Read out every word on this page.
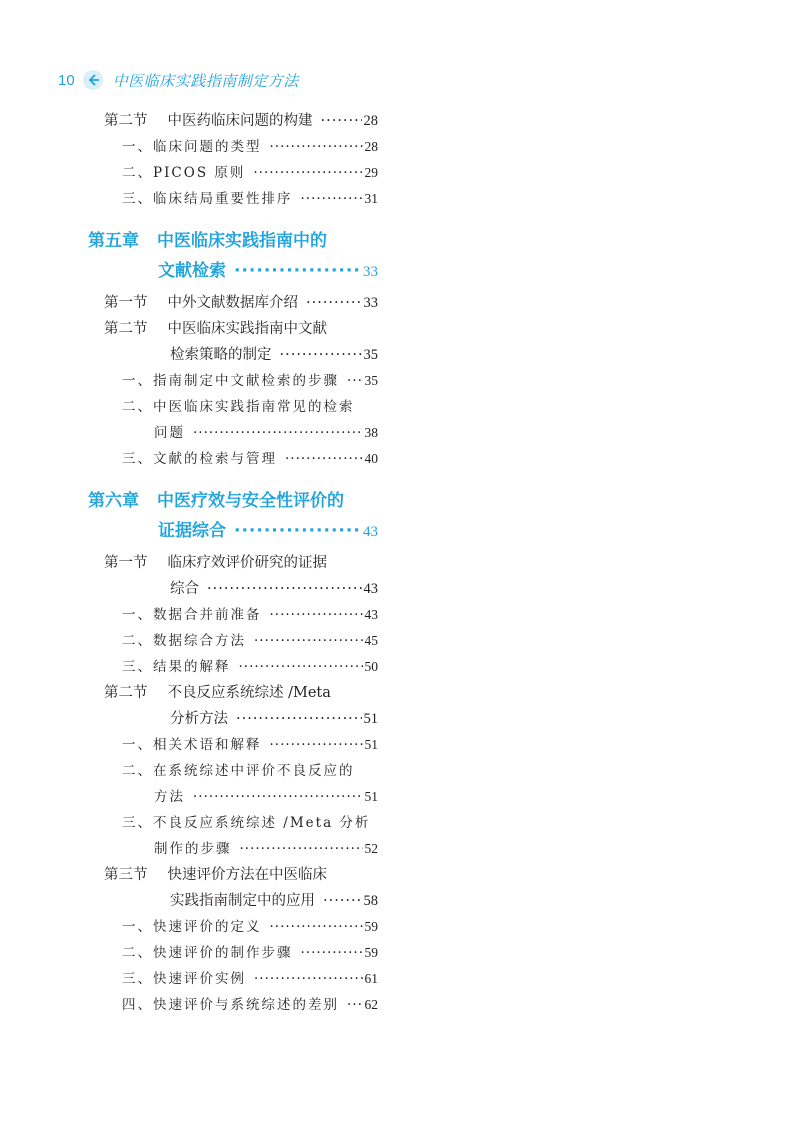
10	中医临床实践指南制定方法
第二节 中医药临床问题的构建 ·····	28
一、临床问题的类型 ·····	28
二、PICOS 原则 ·····	29
三、临床结局重要性排序 ·····	31
第五章 中医临床实践指南中的
文献检索 ·····	33
第一节 中外文献数据库介绍 ·····	33
第二节 中医临床实践指南中文献
检索策略的制定 ·····	35
一、指南制定中文献检索的步骤 ····· 35
二、中医临床实践指南常见的检索
问题 ·····	38
三、文献的检索与管理 ·····	40
第六章 中医疗效与安全性评价的
证据综合 ·····	43
第一节 临床疗效评价研究的证据
综合 ·····	43
一、数据合并前准备 ·····	43
二、数据综合方法 ·····	45
三、结果的解释 ·····	50
第二节 不良反应系统综述 /Meta
分析方法 ·····	51
一、相关术语和解释 ·····	51
二、在系统综述中评价不良反应的
方法 ·····	51
三、不良反应系统综述 /Meta 分析
制作的步骤 ·····	52
第三节 快速评价方法在中医临床
实践指南制定中的应用 ·····	58
一、快速评价的定义 ·····	59
二、快速评价的制作步骤 ·····	59
三、快速评价实例 ·····	61
四、快速评价与系统综述的差别 ····· 62
